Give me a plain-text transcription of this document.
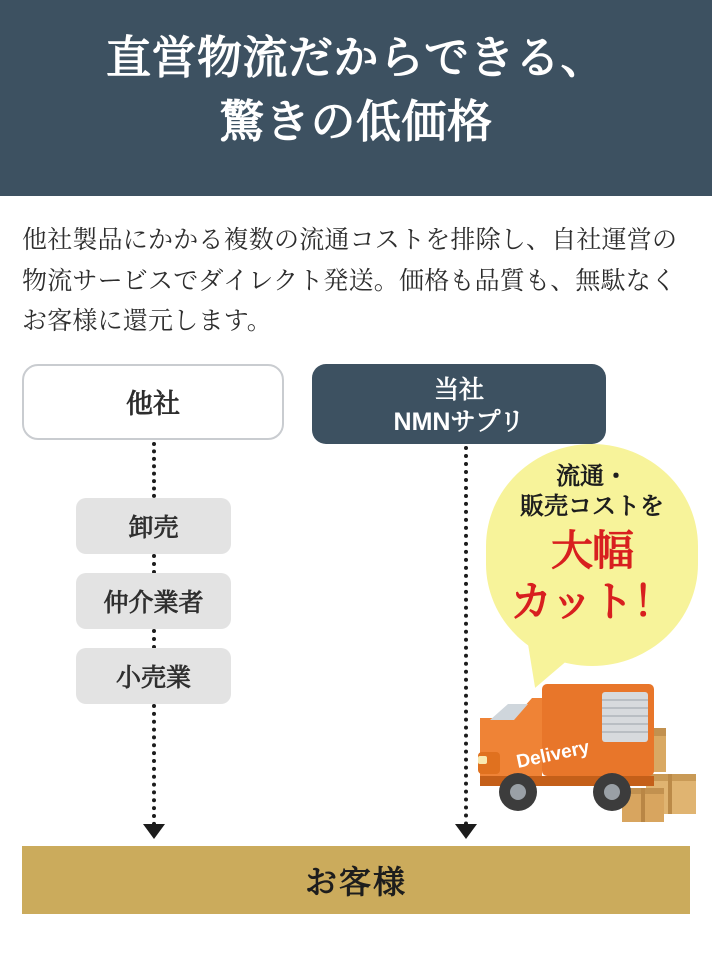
直営物流だからできる、
驚きの低価格

他社製品にかかる複数の流通コストを排除し、自社運営の物流サービスでダイレクト発送。価格も品質も、無駄なくお客様に還元します。

他社
卸売
仲介業者
小売業
当社
NMNサプリ
流通・
販売コストを
大幅
カット！
Delivery
お客様
